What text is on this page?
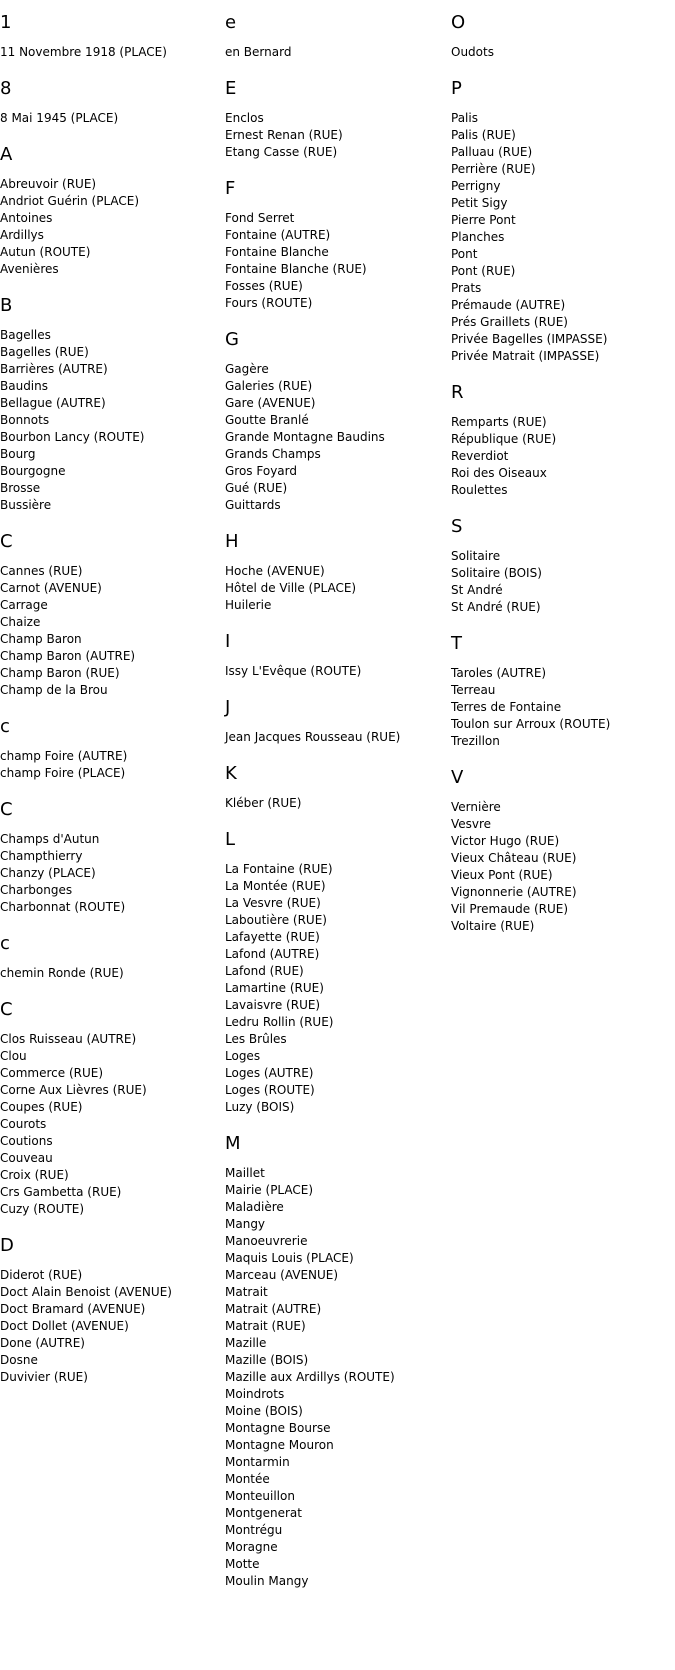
1
11 Novembre 1918 (PLACE)
8
8 Mai 1945 (PLACE)
A
Abreuvoir (RUE)
Andriot Guérin (PLACE)
Antoines
Ardillys
Autun (ROUTE)
Avenières
B
Bagelles
Bagelles (RUE)
Barrières (AUTRE)
Baudins
Bellague (AUTRE)
Bonnots
Bourbon Lancy (ROUTE)
Bourg
Bourgogne
Brosse
Bussière
C
Cannes (RUE)
Carnot (AVENUE)
Carrage
Chaize
Champ Baron
Champ Baron (AUTRE)
Champ Baron (RUE)
Champ de la Brou
c
champ Foire (AUTRE)
champ Foire (PLACE)
C
Champs d'Autun
Champthierry
Chanzy (PLACE)
Charbonges
Charbonnat (ROUTE)
c
chemin Ronde (RUE)
C
Clos Ruisseau (AUTRE)
Clou
Commerce (RUE)
Corne Aux Lièvres (RUE)
Coupes (RUE)
Courots
Coutions
Couveau
Croix (RUE)
Crs Gambetta (RUE)
Cuzy (ROUTE)
D
Diderot (RUE)
Doct Alain Benoist (AVENUE)
Doct Bramard (AVENUE)
Doct Dollet (AVENUE)
Done (AUTRE)
Dosne
Duvivier (RUE)
e
en Bernard
E
Enclos
Ernest Renan (RUE)
Etang Casse (RUE)
F
Fond Serret
Fontaine (AUTRE)
Fontaine Blanche
Fontaine Blanche (RUE)
Fosses (RUE)
Fours (ROUTE)
G
Gagère
Galeries (RUE)
Gare (AVENUE)
Goutte Branlé
Grande Montagne Baudins
Grands Champs
Gros Foyard
Gué (RUE)
Guittards
H
Hoche (AVENUE)
Hôtel de Ville (PLACE)
Huilerie
I
Issy L'Evêque (ROUTE)
J
Jean Jacques Rousseau (RUE)
K
Kléber (RUE)
L
La Fontaine (RUE)
La Montée (RUE)
La Vesvre (RUE)
Laboutière (RUE)
Lafayette (RUE)
Lafond (AUTRE)
Lafond (RUE)
Lamartine (RUE)
Lavaisvre (RUE)
Ledru Rollin (RUE)
Les Brûles
Loges
Loges (AUTRE)
Loges (ROUTE)
Luzy (BOIS)
M
Maillet
Mairie (PLACE)
Maladière
Mangy
Manoeuvrerie
Maquis Louis (PLACE)
Marceau (AVENUE)
Matrait
Matrait (AUTRE)
Matrait (RUE)
Mazille
Mazille (BOIS)
Mazille aux Ardillys (ROUTE)
Moindrots
Moine (BOIS)
Montagne Bourse
Montagne Mouron
Montarmin
Montée
Monteuillon
Montgenerat
Montrégu
Moragne
Motte
Moulin Mangy
O
Oudots
P
Palis
Palis (RUE)
Palluau (RUE)
Perrière (RUE)
Perrigny
Petit Sigy
Pierre Pont
Planches
Pont
Pont (RUE)
Prats
Prémaude (AUTRE)
Prés Graillets (RUE)
Privée Bagelles (IMPASSE)
Privée Matrait (IMPASSE)
R
Remparts (RUE)
République (RUE)
Reverdiot
Roi des Oiseaux
Roulettes
S
Solitaire
Solitaire (BOIS)
St André
St André (RUE)
T
Taroles (AUTRE)
Terreau
Terres de Fontaine
Toulon sur Arroux (ROUTE)
Trezillon
V
Vernière
Vesvre
Victor Hugo (RUE)
Vieux Château (RUE)
Vieux Pont (RUE)
Vignonnerie (AUTRE)
Vil Premaude (RUE)
Voltaire (RUE)
